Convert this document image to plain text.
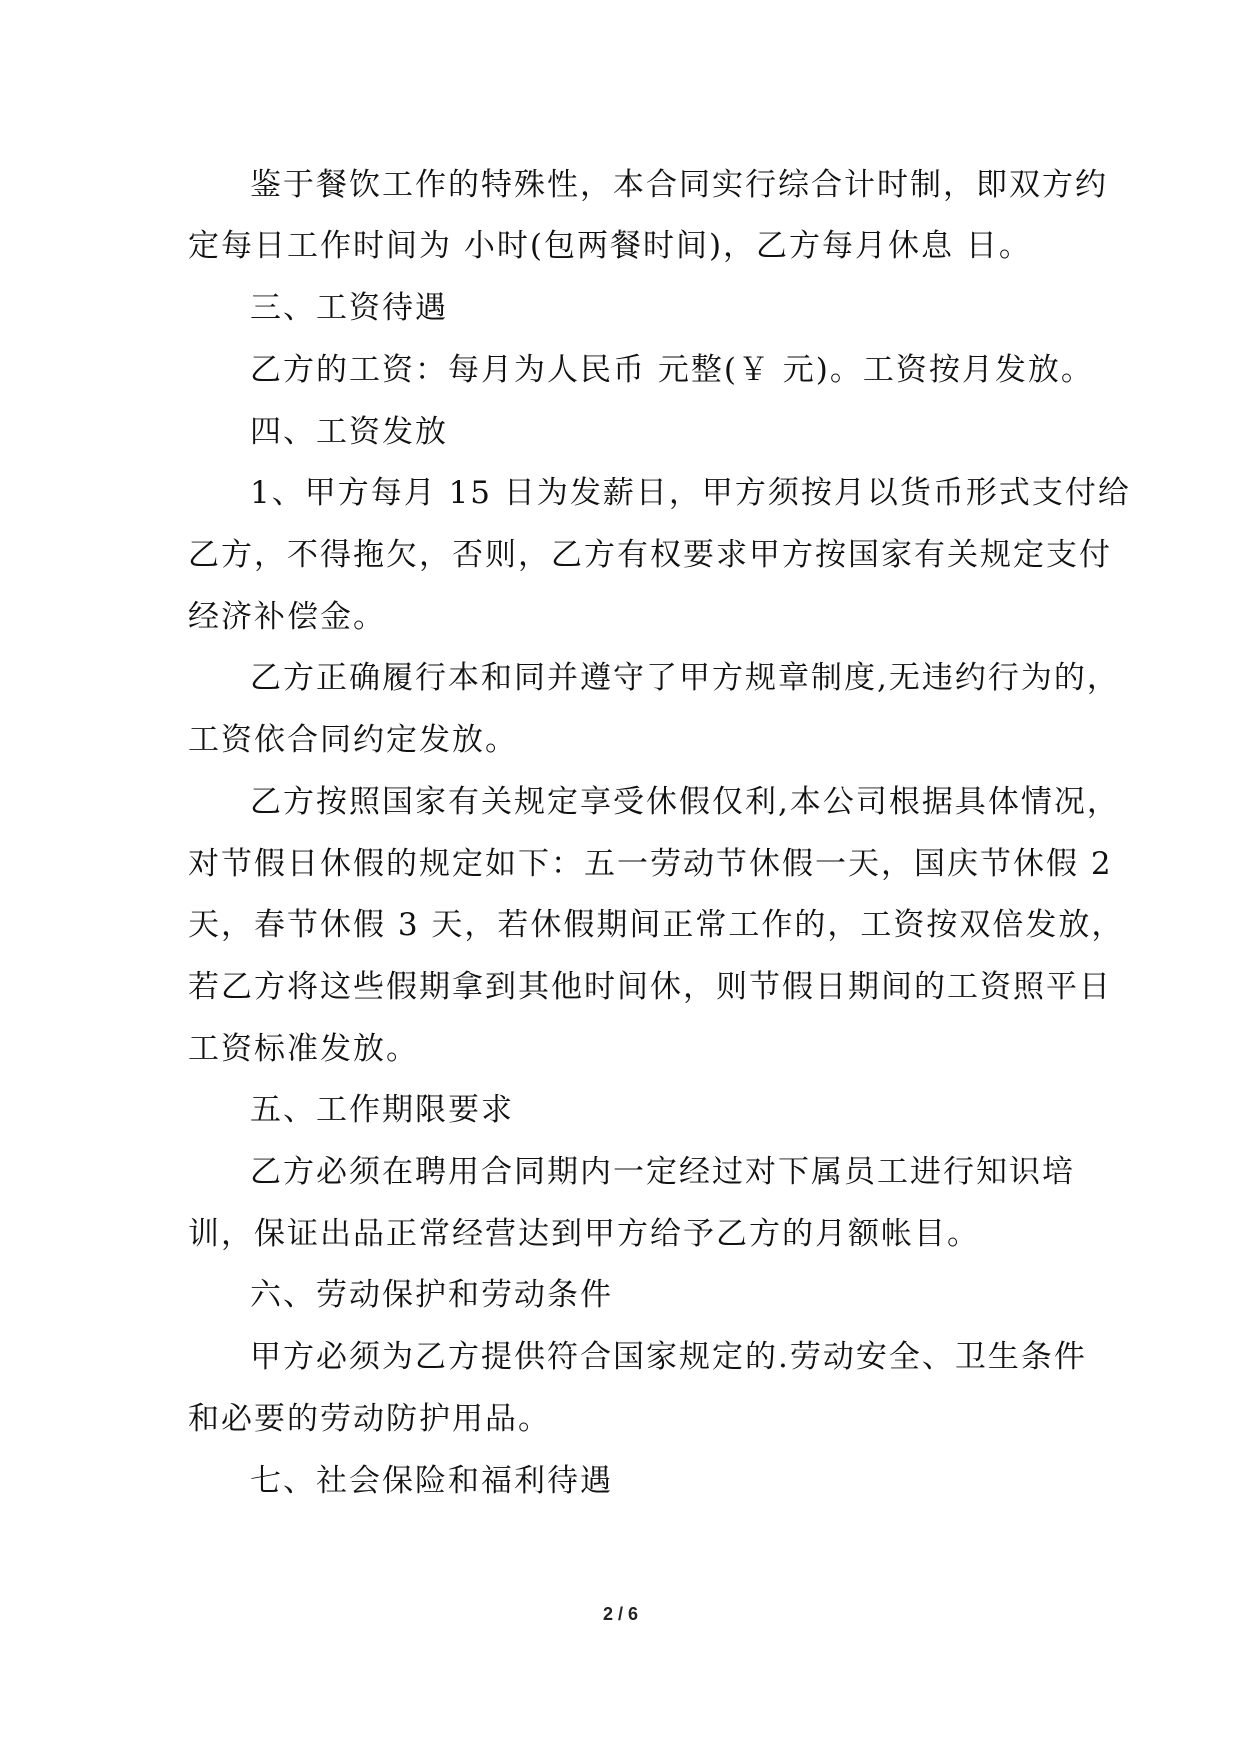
鉴于餐饮工作的特殊性，本合同实行综合计时制，即双方约
定每日工作时间为 小时(包两餐时间)，乙方每月休息 日。
三、工资待遇
乙方的工资：每月为人民币 元整(￥ 元)。工资按月发放。
四、工资发放
1、甲方每月 15 日为发薪日，甲方须按月以货币形式支付给
乙方，不得拖欠，否则，乙方有权要求甲方按国家有关规定支付
经济补偿金。
乙方正确履行本和同并遵守了甲方规章制度,无违约行为的，
工资依合同约定发放。
乙方按照国家有关规定享受休假仅利,本公司根据具体情况，
对节假日休假的规定如下：五一劳动节休假一天，国庆节休假 2
天，春节休假 3 天，若休假期间正常工作的，工资按双倍发放，
若乙方将这些假期拿到其他时间休，则节假日期间的工资照平日
工资标准发放。
五、工作期限要求
乙方必须在聘用合同期内一定经过对下属员工进行知识培
训，保证出品正常经营达到甲方给予乙方的月额帐目。
六、劳动保护和劳动条件
甲方必须为乙方提供符合国家规定的.劳动安全、卫生条件
和必要的劳动防护用品。
七、社会保险和福利待遇
2 / 6
